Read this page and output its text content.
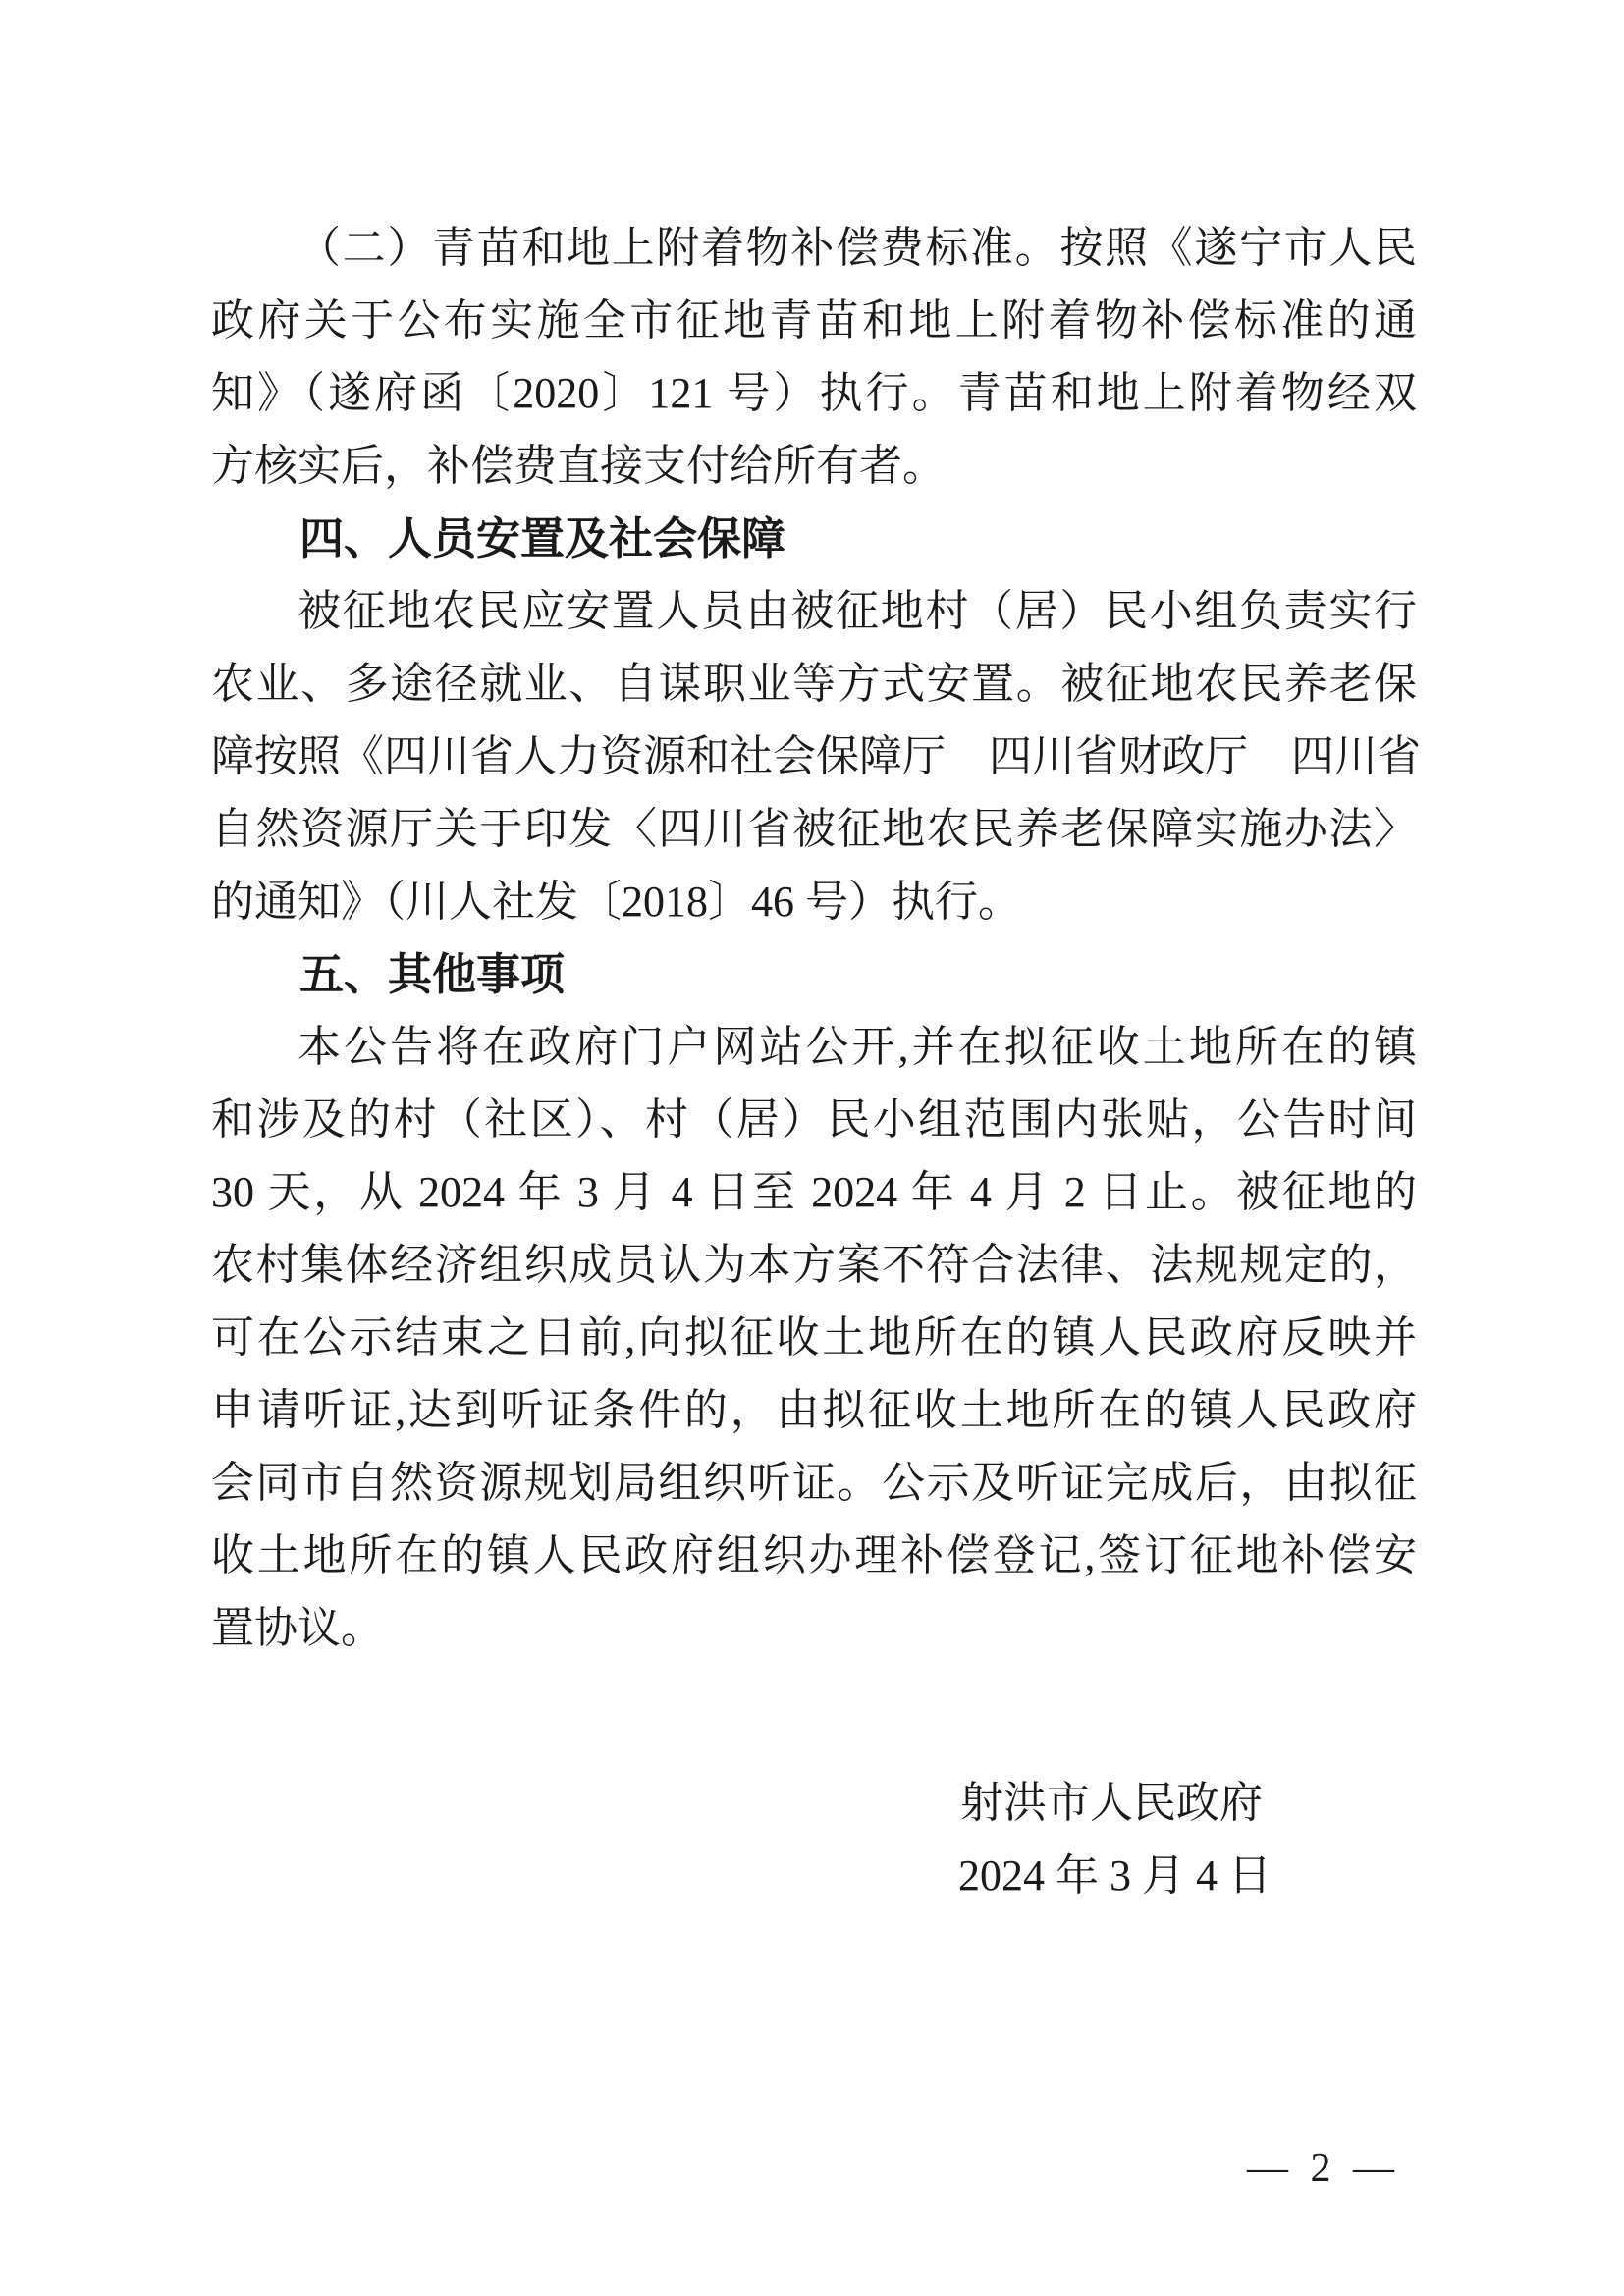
（二）青苗和地上附着物补偿费标准。按照《遂宁市人民
政府关于公布实施全市征地青苗和地上附着物补偿标准的通
知》（遂府函〔2020〕121 号）执行。青苗和地上附着物经双
方核实后，补偿费直接支付给所有者。
四、人员安置及社会保障
被征地农民应安置人员由被征地村（居）民小组负责实行
农业、多途径就业、自谋职业等方式安置。被征地农民养老保
障按照《四川省人力资源和社会保障厅　四川省财政厅　四川省
自然资源厅关于印发〈四川省被征地农民养老保障实施办法〉
的通知》（川人社发〔2018〕46 号）执行。
五、其他事项
本公告将在政府门户网站公开,并在拟征收土地所在的镇
和涉及的村（社区）、村（居）民小组范围内张贴，公告时间
30 天，从 2024 年 3 月 4 日至 2024 年 4 月 2 日止。被征地的
农村集体经济组织成员认为本方案不符合法律、法规规定的，
可在公示结束之日前,向拟征收土地所在的镇人民政府反映并
申请听证,达到听证条件的，由拟征收土地所在的镇人民政府
会同市自然资源规划局组织听证。公示及听证完成后，由拟征
收土地所在的镇人民政府组织办理补偿登记,签订征地补偿安
置协议。
射洪市人民政府
2024 年 3 月 4 日
— 2 —
